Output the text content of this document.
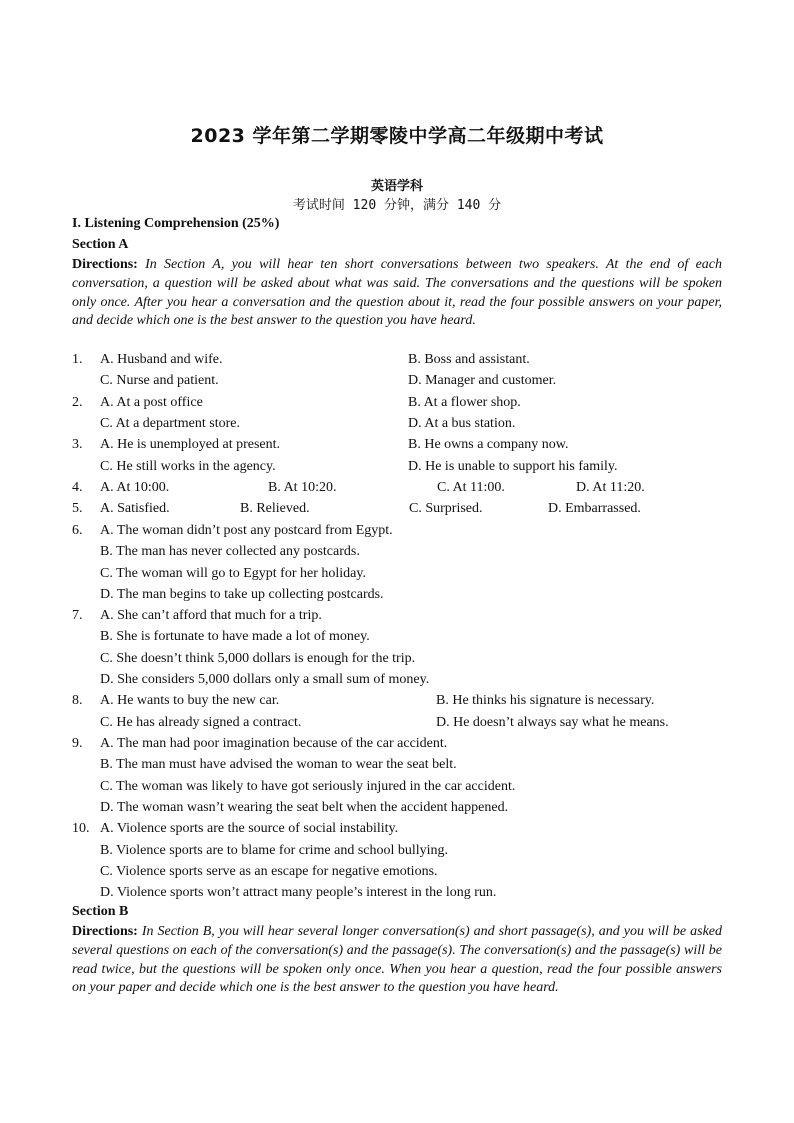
2023 学年第二学期零陵中学高二年级期中考试
英语学科
考试时间 120 分钟，满分 140 分
I. Listening Comprehension (25%)
Section A
Directions: In Section A, you will hear ten short conversations between two speakers. At the end of each conversation, a question will be asked about what was said. The conversations and the questions will be spoken only once. After you hear a conversation and the question about it, read the four possible answers on your paper, and decide which one is the best answer to the question you have heard.
1. A. Husband and wife.	B. Boss and assistant.
C. Nurse and patient.	D. Manager and customer.
2. A. At a post office	B. At a flower shop.
C. At a department store.	D. At a bus station.
3. A. He is unemployed at present.	B. He owns a company now.
C. He still works in the agency.	D. He is unable to support his family.
4. A. At 10:00.	B. At 10:20.	C. At 11:00.	D. At 11:20.
5. A. Satisfied.	B. Relieved.	C. Surprised.	D. Embarrassed.
6. A. The woman didn’t post any postcard from Egypt.
B. The man has never collected any postcards.
C. The woman will go to Egypt for her holiday.
D. The man begins to take up collecting postcards.
7. A. She can’t afford that much for a trip.
B. She is fortunate to have made a lot of money.
C. She doesn’t think 5,000 dollars is enough for the trip.
D. She considers 5,000 dollars only a small sum of money.
8. A. He wants to buy the new car.	B. He thinks his signature is necessary.
C. He has already signed a contract.	D. He doesn’t always say what he means.
9. A. The man had poor imagination because of the car accident.
B. The man must have advised the woman to wear the seat belt.
C. The woman was likely to have got seriously injured in the car accident.
D. The woman wasn’t wearing the seat belt when the accident happened.
10. A. Violence sports are the source of social instability.
B. Violence sports are to blame for crime and school bullying.
C. Violence sports serve as an escape for negative emotions.
D. Violence sports won’t attract many people’s interest in the long run.
Section B
Directions: In Section B, you will hear several longer conversation(s) and short passage(s), and you will be asked several questions on each of the conversation(s) and the passage(s). The conversation(s) and the passage(s) will be read twice, but the questions will be spoken only once. When you hear a question, read the four possible answers on your paper and decide which one is the best answer to the question you have heard.
